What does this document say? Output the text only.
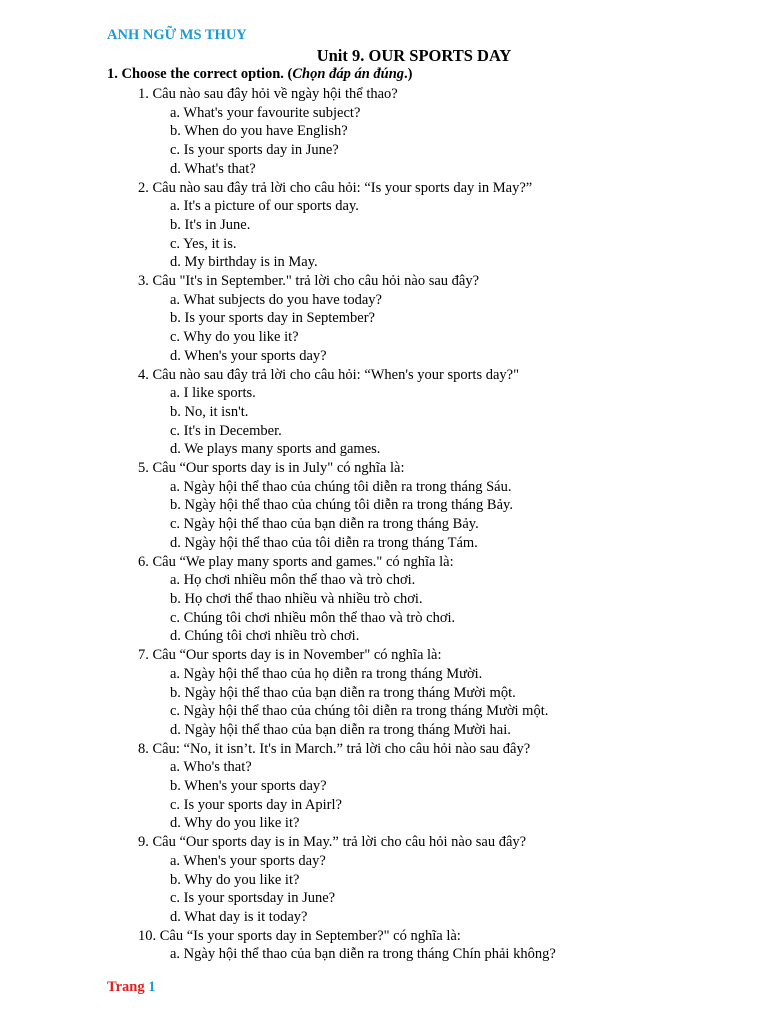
ANH NGỮ MS THUY
Unit 9. OUR SPORTS DAY
1. Choose the correct option. (Chọn đáp án đúng.)
1. Câu nào sau đây hỏi về ngày hội thể thao?
a. What's your favourite subject?
b. When do you have English?
c. Is your sports day in June?
d. What's that?
2. Câu nào sau đây trả lời cho câu hỏi: “Is your sports day in May?”
a. It's a picture of our sports day.
b. It's in June.
c. Yes, it is.
d. My birthday is in May.
3. Câu "It's in September." trả lời cho câu hỏi nào sau đây?
a. What subjects do you have today?
b. Is your sports day in September?
c. Why do you like it?
d. When's your sports day?
4. Câu nào sau đây trả lời cho câu hỏi: “When's your sports day?"
a. I like sports.
b. No, it isn't.
c. It's in December.
d. We plays many sports and games.
5. Câu “Our sports day is in July" có nghĩa là:
a. Ngày hội thể thao của chúng tôi diễn ra trong tháng Sáu.
b. Ngày hội thể thao của chúng tôi diễn ra trong tháng Bảy.
c. Ngày hội thể thao của bạn diễn ra trong tháng Bảy.
d. Ngày hội thể thao của tôi diễn ra trong tháng Tám.
6. Câu “We play many sports and games." có nghĩa là:
a. Họ chơi nhiều môn thể thao và trò chơi.
b. Họ chơi thể thao nhiều và nhiều trò chơi.
c. Chúng tôi chơi nhiều môn thể thao và trò chơi.
d. Chúng tôi chơi nhiều trò chơi.
7. Câu “Our sports day is in November" có nghĩa là:
a. Ngày hội thể thao của họ diễn ra trong tháng Mười.
b. Ngày hội thể thao của bạn diễn ra trong tháng Mười một.
c. Ngày hội thể thao của chúng tôi diễn ra trong tháng Mười một.
d. Ngày hội thể thao của bạn diễn ra trong tháng Mười hai.
8. Câu: “No, it isn’t. It's in March.” trả lời cho câu hỏi nào sau đây?
a. Who's that?
b. When's your sports day?
c. Is your sports day in Apirl?
d. Why do you like it?
9. Câu “Our sports day is in May.” trả lời cho câu hỏi nào sau đây?
a. When's your sports day?
b. Why do you like it?
c. Is your sportsday in June?
d. What day is it today?
10. Câu “Is your sports day in September?" có nghĩa là:
a. Ngày hội thể thao của bạn diễn ra trong tháng Chín phải không?
Trang 1
